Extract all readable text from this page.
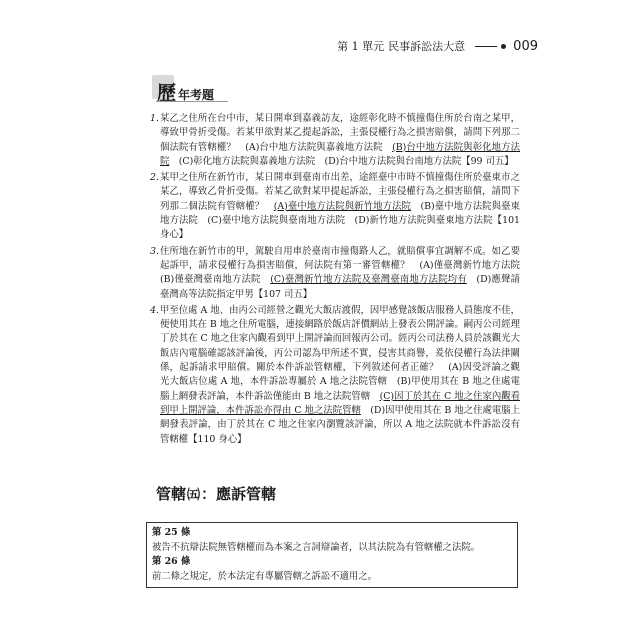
第 1 單元 民事訴訟法大意	009
歷 年考題
1. 某乙之住所在台中市，某日開車到嘉義訪友，途經彰化時不慎撞傷住所於台南之某甲，導致甲骨折受傷。若某甲欲對某乙提起訴訟，主張侵權行為之損害賠償，請問下列那二個法院有管轄權？　(A)台中地方法院與嘉義地方法院　(B)台中地方法院與彰化地方法院　(C)彰化地方法院與嘉義地方法院　(D)台中地方法院與台南地方法院【99 司五】
2. 某甲之住所在新竹市，某日開車到臺南市出差，途經臺中市時不慎撞傷住所於臺東市之某乙，導致乙骨折受傷。若某乙欲對某甲提起訴訟，主張侵權行為之損害賠償，請問下列那二個法院有管轄權？　(A)臺中地方法院與新竹地方法院　(B)臺中地方法院與臺東地方法院　(C)臺中地方法院與臺南地方法院　(D)新竹地方法院與臺東地方法院【101 身心】
3. 住所地在新竹市的甲，駕駛自用車於臺南市撞傷路人乙，就賠償事宜調解不成。如乙要起訴甲，請求侵權行為損害賠償，何法院有第一審管轄權？　(A)僅臺灣新竹地方法院　(B)僅臺灣臺南地方法院　(C)臺灣新竹地方法院及臺灣臺南地方法院均有　(D)應聲請臺灣高等法院指定甲男【107 司五】
4. 甲至位處 A 地、由丙公司經營之觀光大飯店渡假，因甲感覺該飯店服務人員態度不佳，便使用其在 B 地之住所電腦，連接網路於飯店評價網站上發表公開評論。嗣丙公司經理丁於其在 C 地之住家內觀看到甲上開評論而回報丙公司。經丙公司法務人員於該觀光大飯店內電腦確認該評論後，丙公司認為甲所述不實，侵害其商譽，爰依侵權行為法律關係，起訴請求甲賠償。關於本件訴訟管轄權，下列敘述何者正確？　(A)因受評論之觀光大飯店位處 A 地，本件訴訟專屬於 A 地之法院管轄　(B)甲使用其在 B 地之住處電腦上網發表評論，本件訴訟僅能由 B 地之法院管轄　(C)因丁於其在 C 地之住家內觀看到甲上開評論，本件訴訟亦得由 C 地之法院管轄　(D)因甲使用其在 B 地之住處電腦上網發表評論，由丁於其在 C 地之住家內瀏覽該評論，所以 A 地之法院就本件訴訟沒有管轄權【110 身心】
管轄 ㈤ ：應訴管轄
第 25 條
被告不抗辯法院無管轄權而為本案之言詞辯論者，以其法院為有管轄權之法院。
第 26 條
前二條之規定，於本法定有專屬管轄之訴訟不適用之。
